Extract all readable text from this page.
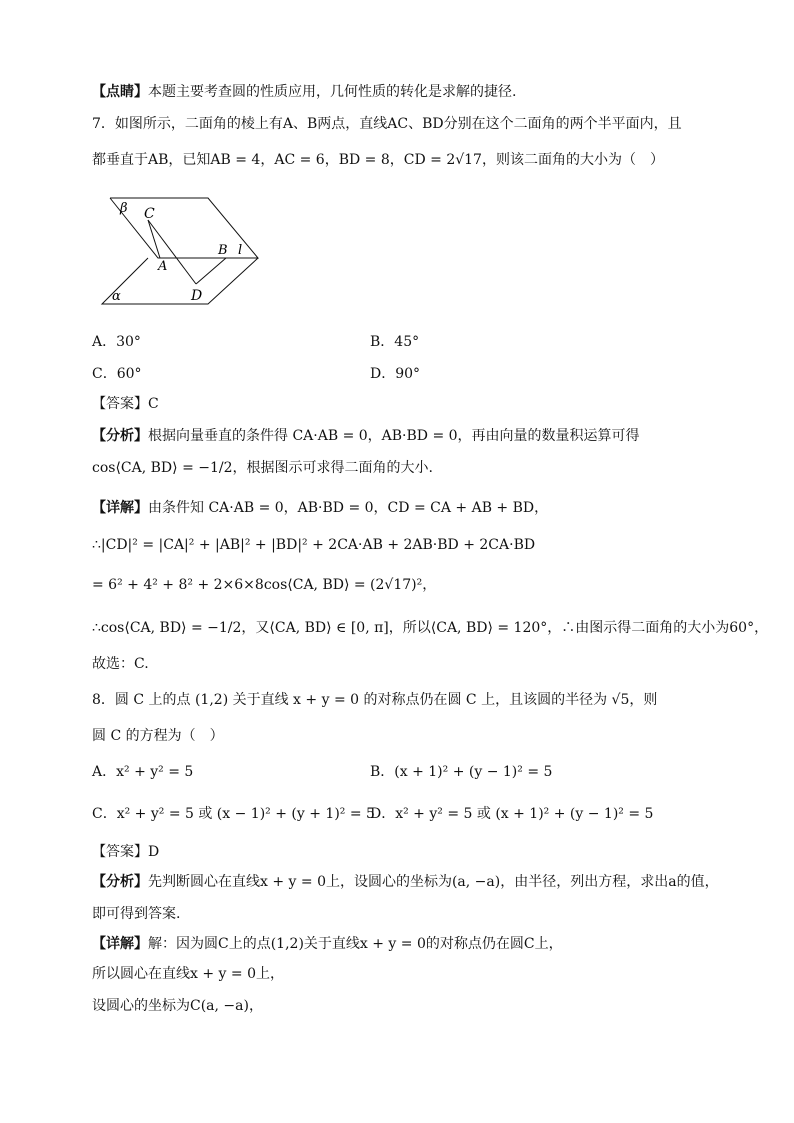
【点睛】本题主要考查圆的性质应用，几何性质的转化是求解的捷径.
7．如图所示，二面角的棱上有A、B两点，直线AC、BD分别在这个二面角的两个半平面内，且
都垂直于AB，已知AB = 4，AC = 6，BD = 8，CD = 2√17，则该二面角的大小为（　）
β C
A
B l
D
α
A．30°	B．45°
C．60°	D．90°
【答案】C
【分析】根据向量垂直的条件得 CA·AB = 0，AB·BD = 0，再由向量的数量积运算可得
cos⟨CA, BD⟩ = −1/2，根据图示可求得二面角的大小.
【详解】由条件知 CA·AB = 0，AB·BD = 0，CD = CA + AB + BD，
∴|CD|² = |CA|² + |AB|² + |BD|² + 2CA·AB + 2AB·BD + 2CA·BD
= 6² + 4² + 8² + 2×6×8cos⟨CA, BD⟩ = (2√17)²，
∴cos⟨CA, BD⟩ = −1/2，又⟨CA, BD⟩ ∈ [0, π]，所以⟨CA, BD⟩ = 120°，∴由图示得二面角的大小为60°，
故选：C.
8．圆 C 上的点 (1,2) 关于直线 x + y = 0 的对称点仍在圆 C 上，且该圆的半径为 √5，则
圆 C 的方程为（　）
A．x² + y² = 5	B．(x + 1)² + (y − 1)² = 5
C．x² + y² = 5 或 (x − 1)² + (y + 1)² = 5
D．x² + y² = 5 或 (x + 1)² + (y − 1)² = 5
【答案】D
【分析】先判断圆心在直线x + y = 0上，设圆心的坐标为(a, −a)，由半径，列出方程，求出a的值，
即可得到答案.
【详解】解：因为圆C上的点(1,2)关于直线x + y = 0的对称点仍在圆C上，
所以圆心在直线x + y = 0上，
设圆心的坐标为C(a, −a)，
